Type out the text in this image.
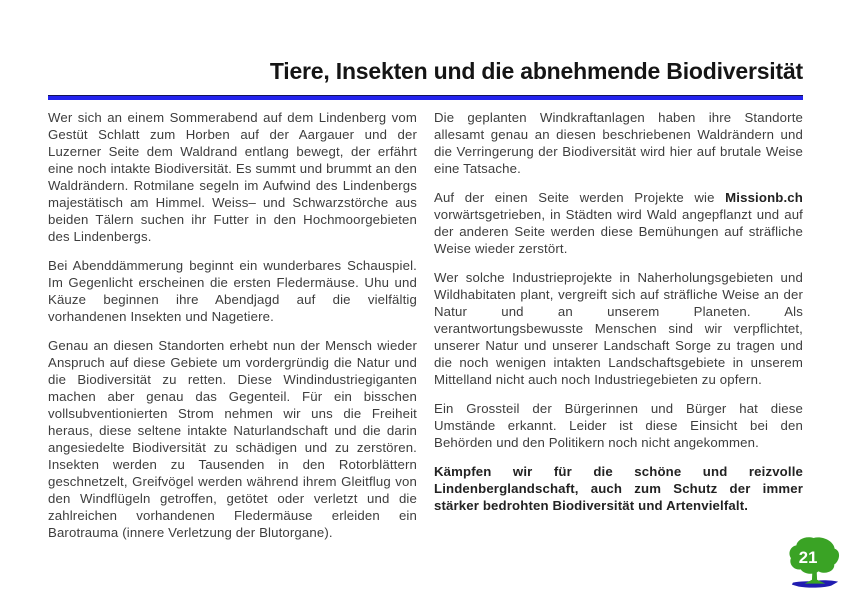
Tiere, Insekten und die abnehmende Biodiversität

Wer sich an einem Sommerabend auf dem Lindenberg vom Gestüt Schlatt zum Horben auf der Aargauer und der Luzerner Seite dem Waldrand entlang bewegt, der erfährt eine noch intakte Biodiversität. Es summt und brummt an den Waldrändern. Rotmilane segeln im Aufwind des Lindenbergs majestätisch am Himmel. Weiss– und Schwarzstörche aus beiden Tälern suchen ihr Futter in den Hochmoorgebieten des Lindenbergs.

Bei Abenddämmerung beginnt ein wunderbares Schauspiel. Im Gegenlicht erscheinen die ersten Fledermäuse. Uhu und Käuze beginnen ihre Abendjagd auf die vielfältig vorhandenen Insekten und Nagetiere.

Genau an diesen Standorten erhebt nun der Mensch wieder Anspruch auf diese Gebiete um vordergründig die Natur und die Biodiversität zu retten. Diese Windindustriegiganten machen aber genau das Gegenteil. Für ein bisschen vollsubventionierten Strom nehmen wir uns die Freiheit heraus, diese seltene intakte Naturlandschaft und die darin angesiedelte Biodiversität zu schädigen und zu zerstören. Insekten werden zu Tausenden in den Rotorblättern geschnetzelt, Greifvögel werden während ihrem Gleitflug von den Windflügeln getroffen, getötet oder verletzt und die zahlreichen vorhandenen Fledermäuse erleiden ein Barotrauma (innere Verletzung der Blutorgane).

Die geplanten Windkraftanlagen haben ihre Standorte allesamt genau an diesen beschriebenen Waldrändern und die Verringerung der Biodiversität wird hier auf brutale Weise eine Tatsache.

Auf der einen Seite werden Projekte wie Missionb.ch vorwärtsgetrieben, in Städten wird Wald angepflanzt und auf der anderen Seite werden diese Bemühungen auf sträfliche Weise wieder zerstört.

Wer solche Industrieprojekte in Naherholungsgebieten und Wildhabitaten plant, vergreift sich auf sträfliche Weise an der Natur und an unserem Planeten. Als verantwortungsbewusste Menschen sind wir verpflichtet, unserer Natur und unserer Landschaft Sorge zu tragen und die noch wenigen intakten Landschaftsgebiete in unserem Mittelland nicht auch noch Industriegebieten zu opfern.

Ein Grossteil der Bürgerinnen und Bürger hat diese Umstände erkannt. Leider ist diese Einsicht bei den Behörden und den Politikern noch nicht angekommen.

Kämpfen wir für die schöne und reizvolle Lindenberglandschaft, auch zum Schutz der immer stärker bedrohten Biodiversität und Artenvielfalt.

21
